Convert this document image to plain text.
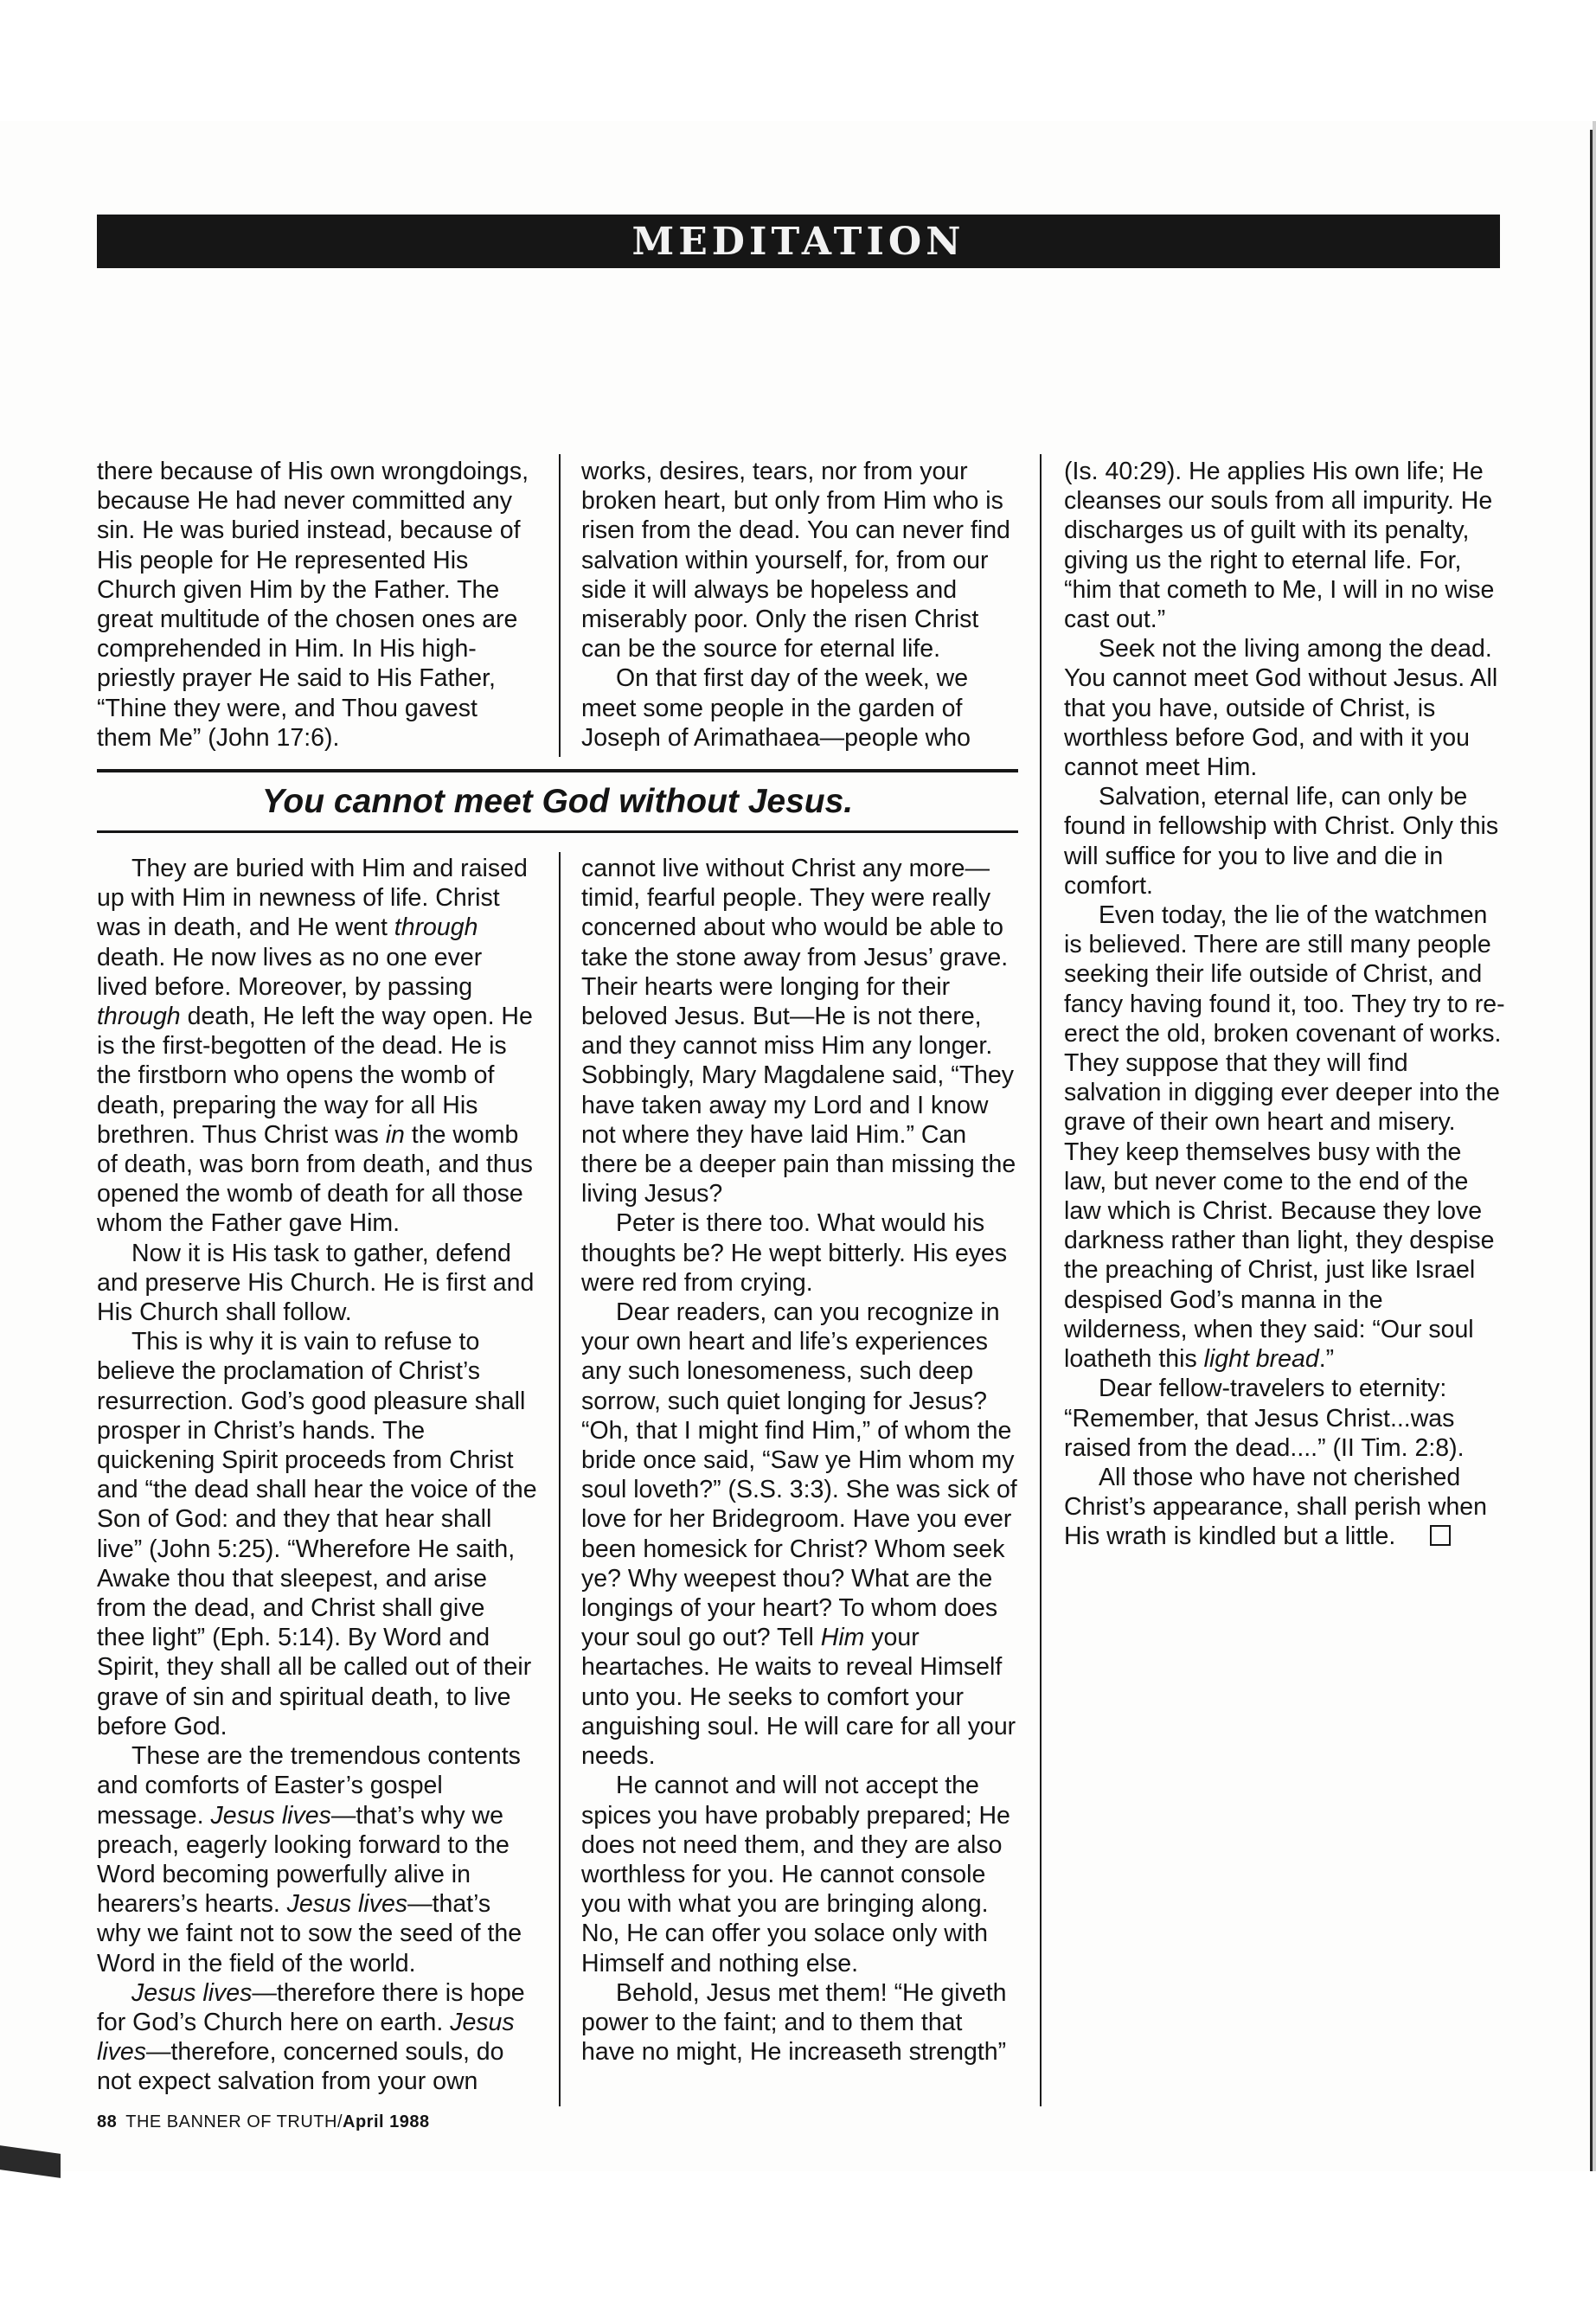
MEDITATION

there because of His own wrongdoings, because He had never committed any sin. He was buried instead, because of His people for He represented His Church given Him by the Father. The great multitude of the chosen ones are comprehended in Him. In His high-priestly prayer He said to His Father, “Thine they were, and Thou gavest them Me” (John 17:6).

works, desires, tears, nor from your broken heart, but only from Him who is risen from the dead. You can never find salvation within yourself, for, from our side it will always be hopeless and miserably poor. Only the risen Christ can be the source for eternal life.

On that first day of the week, we meet some people in the garden of Joseph of Arimathaea—people who

You cannot meet God without Jesus.

They are buried with Him and raised up with Him in newness of life. Christ was in death, and He went through death. He now lives as no one ever lived before. Moreover, by passing through death, He left the way open. He is the first-begotten of the dead. He is the firstborn who opens the womb of death, preparing the way for all His brethren. Thus Christ was in the womb of death, was born from death, and thus opened the womb of death for all those whom the Father gave Him.

Now it is His task to gather, defend and preserve His Church. He is first and His Church shall follow.

This is why it is vain to refuse to believe the proclamation of Christ’s resurrection. God’s good pleasure shall prosper in Christ’s hands. The quickening Spirit proceeds from Christ and “the dead shall hear the voice of the Son of God: and they that hear shall live” (John 5:25). “Wherefore He saith, Awake thou that sleepest, and arise from the dead, and Christ shall give thee light” (Eph. 5:14). By Word and Spirit, they shall all be called out of their grave of sin and spiritual death, to live before God.

These are the tremendous contents and comforts of Easter’s gospel message. Jesus lives—that’s why we preach, eagerly looking forward to the Word becoming powerfully alive in hearers’s hearts. Jesus lives—that’s why we faint not to sow the seed of the Word in the field of the world.

Jesus lives—therefore there is hope for God’s Church here on earth. Jesus lives—therefore, concerned souls, do not expect salvation from your own

cannot live without Christ any more—timid, fearful people. They were really concerned about who would be able to take the stone away from Jesus’ grave. Their hearts were longing for their beloved Jesus. But—He is not there, and they cannot miss Him any longer. Sobbingly, Mary Magdalene said, “They have taken away my Lord and I know not where they have laid Him.” Can there be a deeper pain than missing the living Jesus?

Peter is there too. What would his thoughts be? He wept bitterly. His eyes were red from crying.

Dear readers, can you recognize in your own heart and life’s experiences any such lonesomeness, such deep sorrow, such quiet longing for Jesus? “Oh, that I might find Him,” of whom the bride once said, “Saw ye Him whom my soul loveth?” (S.S. 3:3). She was sick of love for her Bridegroom. Have you ever been homesick for Christ? Whom seek ye? Why weepest thou? What are the longings of your heart? To whom does your soul go out? Tell Him your heartaches. He waits to reveal Himself unto you. He seeks to comfort your anguishing soul. He will care for all your needs.

He cannot and will not accept the spices you have probably prepared; He does not need them, and they are also worthless for you. He cannot console you with what you are bringing along. No, He can offer you solace only with Himself and nothing else.

Behold, Jesus met them! “He giveth power to the faint; and to them that have no might, He increaseth strength”

(Is. 40:29). He applies His own life; He cleanses our souls from all impurity. He discharges us of guilt with its penalty, giving us the right to eternal life. For, “him that cometh to Me, I will in no wise cast out.”

Seek not the living among the dead. You cannot meet God without Jesus. All that you have, outside of Christ, is worthless before God, and with it you cannot meet Him.

Salvation, eternal life, can only be found in fellowship with Christ. Only this will suffice for you to live and die in comfort.

Even today, the lie of the watchmen is believed. There are still many people seeking their life outside of Christ, and fancy having found it, too. They try to re-erect the old, broken covenant of works. They suppose that they will find salvation in digging ever deeper into the grave of their own heart and misery. They keep themselves busy with the law, but never come to the end of the law which is Christ. Because they love darkness rather than light, they despise the preaching of Christ, just like Israel despised God’s manna in the wilderness, when they said: “Our soul loatheth this light bread.”

Dear fellow-travelers to eternity: “Remember, that Jesus Christ...was raised from the dead....” (II Tim. 2:8).

All those who have not cherished Christ’s appearance, shall perish when His wrath is kindled but a little.

88 THE BANNER OF TRUTH/April 1988
